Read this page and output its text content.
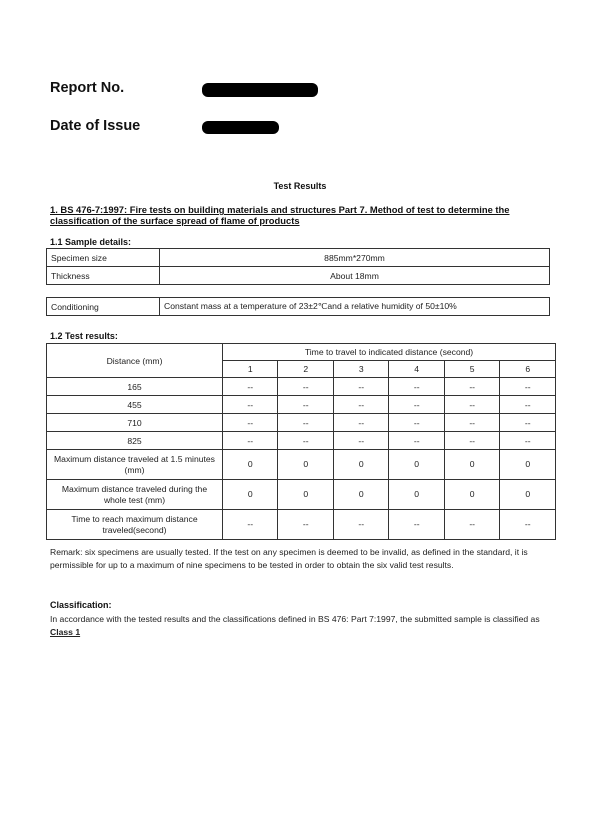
Report No.
Date of Issue
Test Results
1. BS 476-7:1997: Fire tests on building materials and structures Part 7. Method of test to determine the classification of the surface spread of flame of products
1.1 Sample details:
Specimen size	885mm*270mm
Thickness	About 18mm
Conditioning	Constant mass at a temperature of 23±2℃and a relative humidity of 50±10%
1.2 Test results:
Distance (mm)	Time to travel to indicated distance (second)					
	1	2	3	4	5	6
165	--	--	--	--	--	--
455	--	--	--	--	--	--
710	--	--	--	--	--	--
825	--	--	--	--	--	--
Maximum distance traveled at 1.5 minutes (mm)	0	0	0	0	0	0
Maximum distance traveled during the whole test (mm)	0	0	0	0	0	0
Time to reach maximum distance traveled(second)	--	--	--	--	--	--
Remark: six specimens are usually tested. If the test on any specimen is deemed to be invalid, as defined in the standard, it is permissible for up to a maximum of nine specimens to be tested in order to obtain the six valid test results.
Classification:
In accordance with the tested results and the classifications defined in BS 476: Part 7:1997, the submitted sample is classified as Class 1
